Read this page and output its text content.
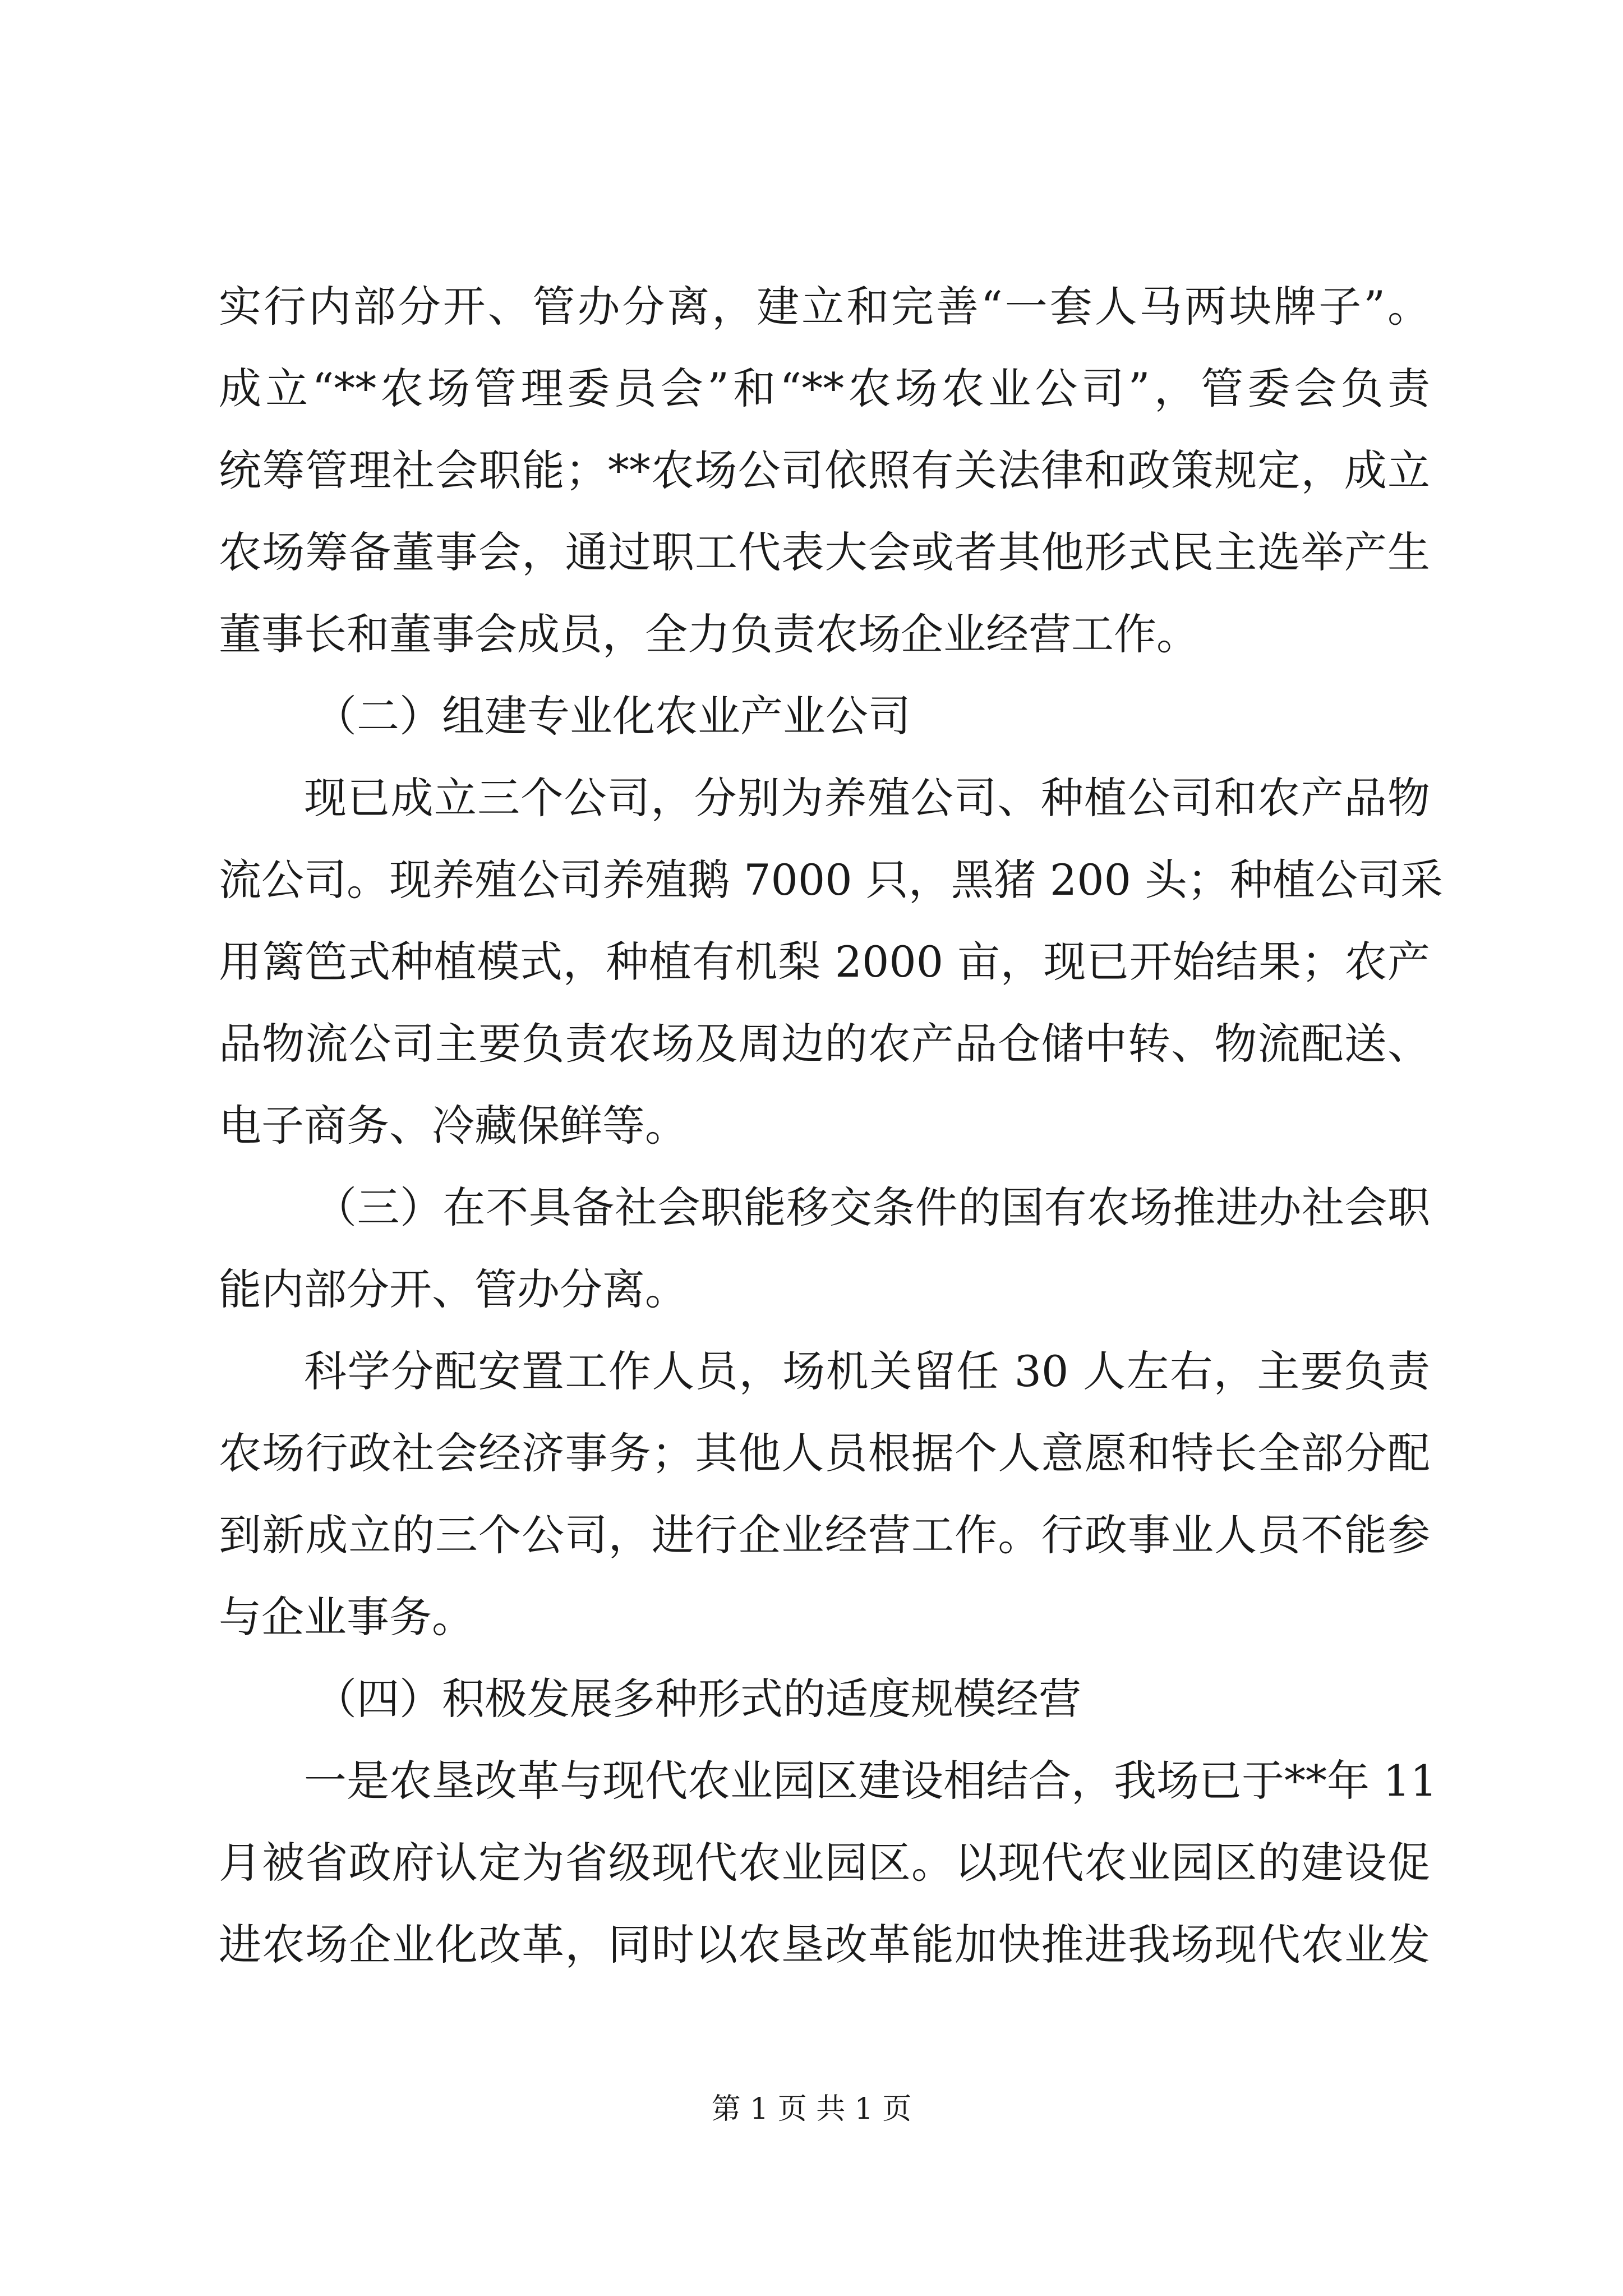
实行内部分开、管办分离，建立和完善“一套人马两块牌子”。
成立“**农场管理委员会”和“**农场农业公司”，管委会负责
统筹管理社会职能；**农场公司依照有关法律和政策规定，成立
农场筹备董事会，通过职工代表大会或者其他形式民主选举产生
董事长和董事会成员，全力负责农场企业经营工作。
（二）组建专业化农业产业公司
现已成立三个公司，分别为养殖公司、种植公司和农产品物
流公司。现养殖公司养殖鹅 7000 只，黑猪 200 头；种植公司采
用篱笆式种植模式，种植有机梨 2000 亩，现已开始结果；农产
品物流公司主要负责农场及周边的农产品仓储中转、物流配送、
电子商务、冷藏保鲜等。
（三）在不具备社会职能移交条件的国有农场推进办社会职
能内部分开、管办分离。
科学分配安置工作人员，场机关留任 30 人左右，主要负责
农场行政社会经济事务；其他人员根据个人意愿和特长全部分配
到新成立的三个公司，进行企业经营工作。行政事业人员不能参
与企业事务。
（四）积极发展多种形式的适度规模经营
一是农垦改革与现代农业园区建设相结合，我场已于**年 11
月被省政府认定为省级现代农业园区。以现代农业园区的建设促
进农场企业化改革，同时以农垦改革能加快推进我场现代农业发
第 1 页 共 1 页
